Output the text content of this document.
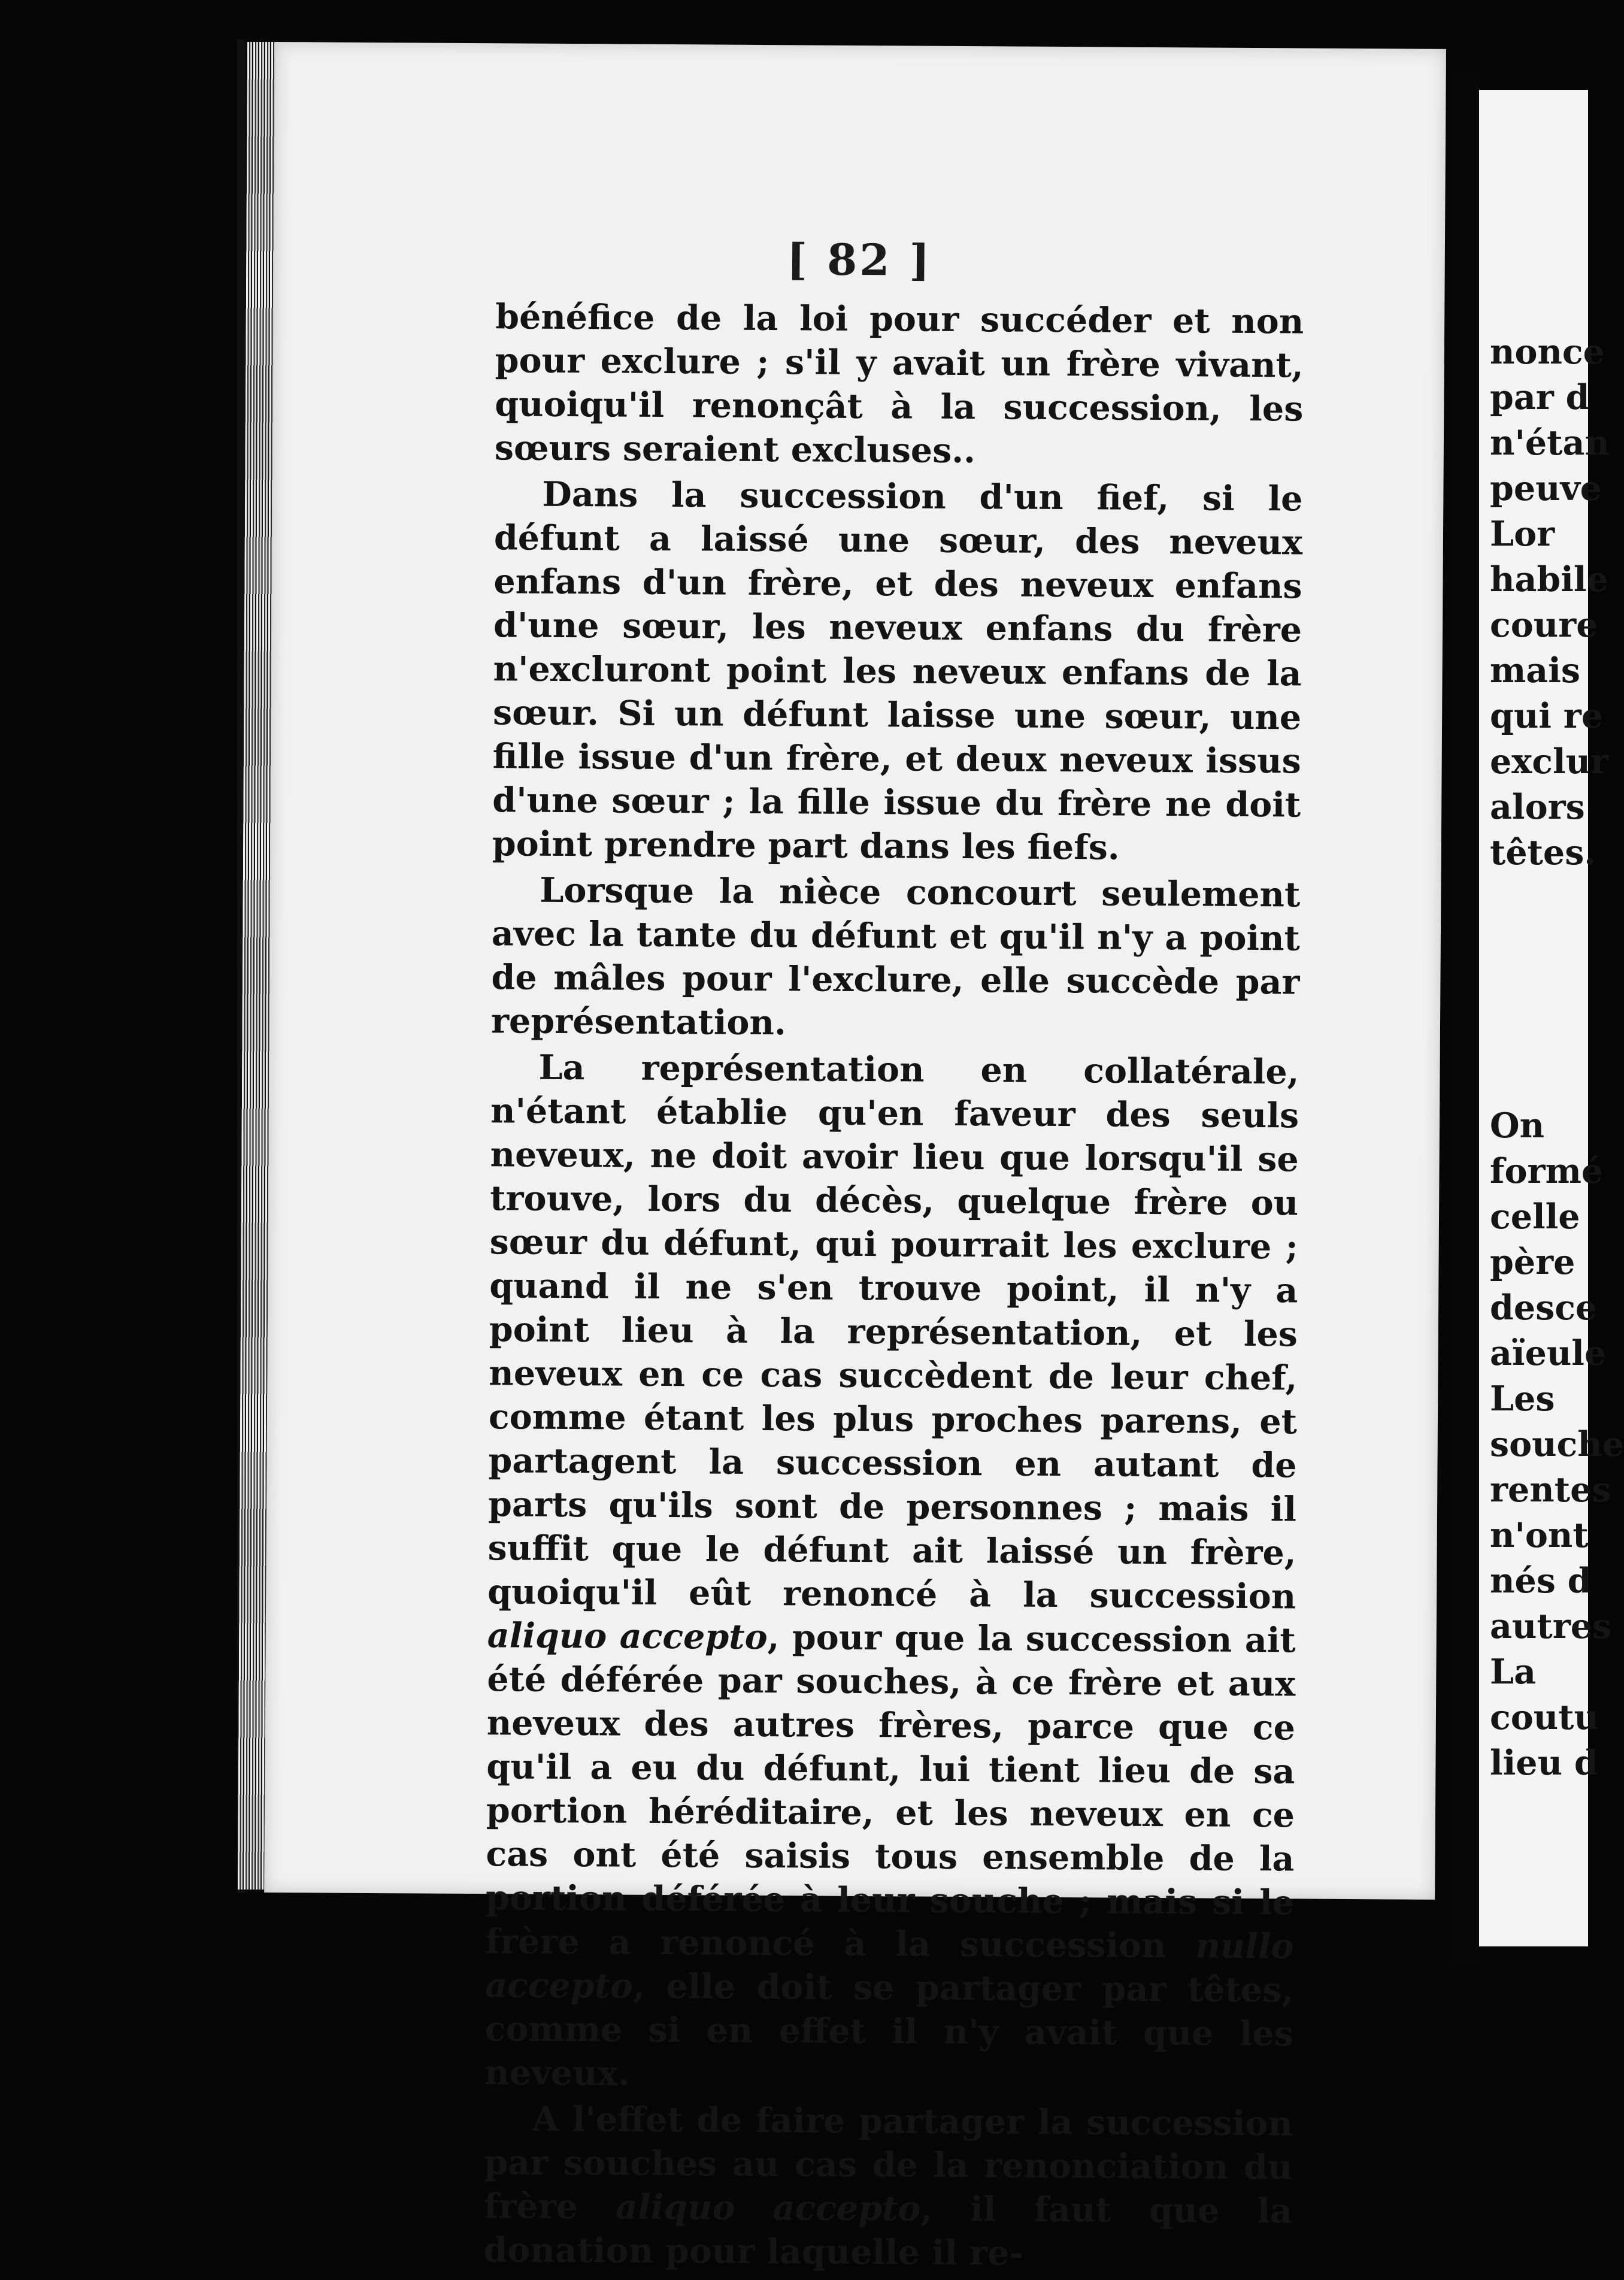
[ 82 ]

bénéfice de la loi pour succéder et non pour exclure ; s'il y avait un frère vivant, quoiqu'il renonçât à la succession, les sœurs seraient excluses..

Dans la succession d'un fief, si le défunt a laissé une sœur, des neveux enfans d'un frère, et des neveux enfans d'une sœur, les neveux enfans du frère n'excluront point les neveux enfans de la sœur. Si un défunt laisse une sœur, une fille issue d'un frère, et deux neveux issus d'une sœur ; la fille issue du frère ne doit point prendre part dans les fiefs.

Lorsque la nièce concourt seulement avec la tante du défunt et qu'il n'y a point de mâles pour l'exclure, elle succède par représentation.

La représentation en collatérale, n'étant établie qu'en faveur des seuls neveux, ne doit avoir lieu que lorsqu'il se trouve, lors du décès, quelque frère ou sœur du défunt, qui pourrait les exclure ; quand il ne s'en trouve point, il n'y a point lieu à la représentation, et les neveux en ce cas succèdent de leur chef, comme étant les plus proches parens, et partagent la succession en autant de parts qu'ils sont de personnes ; mais il suffit que le défunt ait laissé un frère, quoiqu'il eût renoncé à la succession aliquo accepto, pour que la succession ait été déférée par souches, à ce frère et aux neveux des autres frères, parce que ce qu'il a eu du défunt, lui tient lieu de sa portion héréditaire, et les neveux en ce cas ont été saisis tous ensemble de la portion déférée à leur souche ; mais si le frère a renoncé à la succession nullo accepto, elle doit se partager par têtes, comme si en effet il n'y avait que les neveux.

A l'effet de faire partager la succession par souches au cas de la renonciation du frère aliquo accepto, il faut que la donation pour laquelle il re-

nonce
par d
n'étan
peuve
Lor
habile
coure
mais
qui re
exclur
alors
têtes.
On
formé
celle
père
desce
aïeule
Les
souche
rentes
n'ont
nés d
autres
La
coutu
lieu d
